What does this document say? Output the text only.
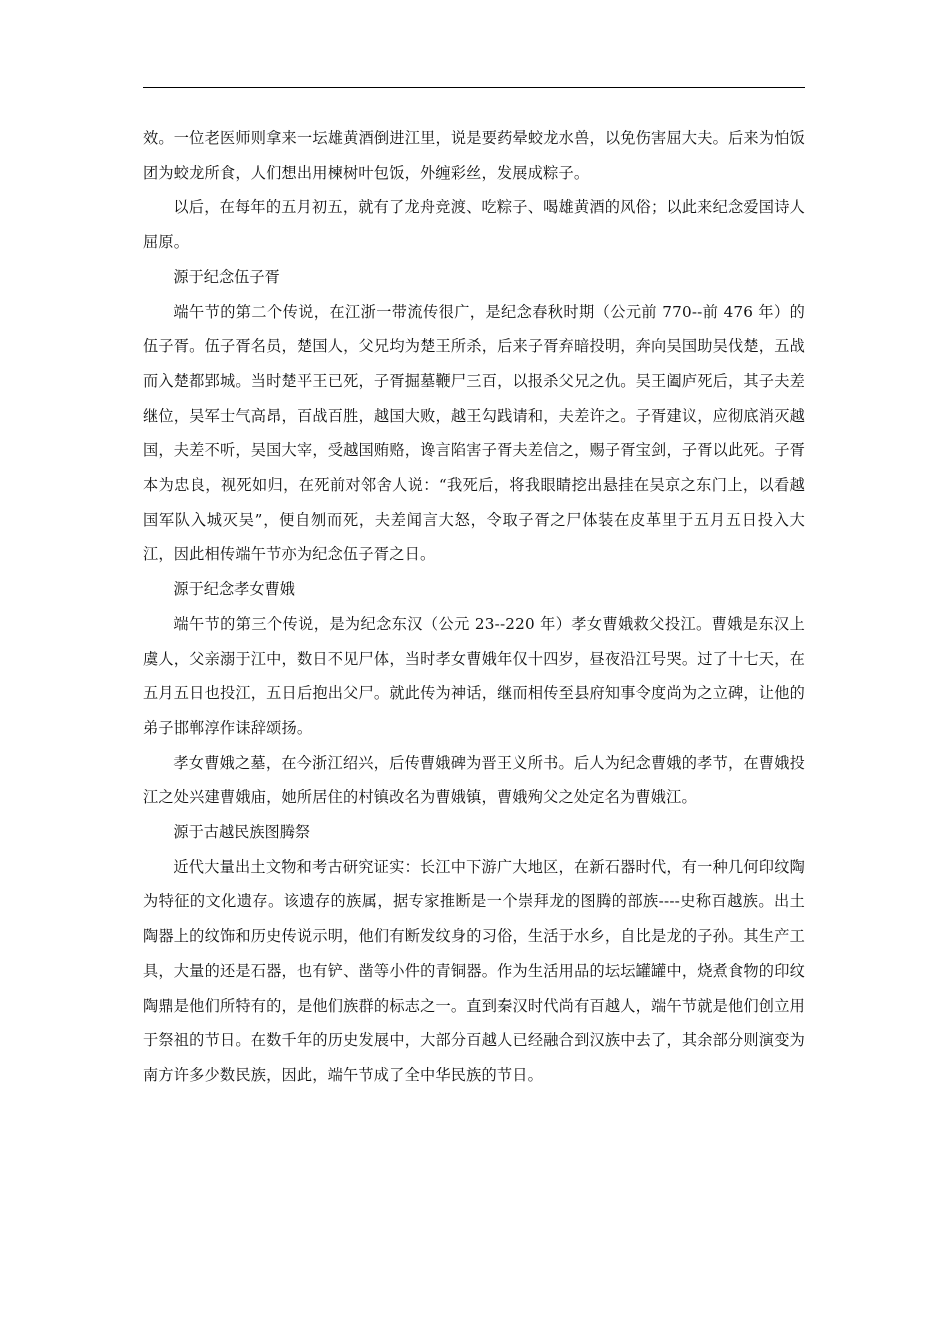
效。一位老医师则拿来一坛雄黄酒倒进江里，说是要药晕蛟龙水兽，以免伤害屈大夫。后来为怕饭团为蛟龙所食，人们想出用楝树叶包饭，外缠彩丝，发展成粽子。

以后，在每年的五月初五，就有了龙舟竞渡、吃粽子、喝雄黄酒的风俗；以此来纪念爱国诗人屈原。

源于纪念伍子胥

端午节的第二个传说，在江浙一带流传很广，是纪念春秋时期（公元前 770--前 476 年）的伍子胥。伍子胥名员，楚国人，父兄均为楚王所杀，后来子胥弃暗投明，奔向吴国助吴伐楚，五战而入楚都郢城。当时楚平王已死，子胥掘墓鞭尸三百，以报杀父兄之仇。吴王阖庐死后，其子夫差继位，吴军士气高昂，百战百胜，越国大败，越王勾践请和，夫差许之。子胥建议，应彻底消灭越国，夫差不听，吴国大宰，受越国贿赂，谗言陷害子胥夫差信之，赐子胥宝剑，子胥以此死。子胥本为忠良，视死如归，在死前对邻舍人说：“我死后，将我眼睛挖出悬挂在吴京之东门上，以看越国军队入城灭吴”，便自刎而死，夫差闻言大怒，令取子胥之尸体装在皮革里于五月五日投入大江，因此相传端午节亦为纪念伍子胥之日。

源于纪念孝女曹娥

端午节的第三个传说，是为纪念东汉（公元 23--220 年）孝女曹娥救父投江。曹娥是东汉上虞人，父亲溺于江中，数日不见尸体，当时孝女曹娥年仅十四岁，昼夜沿江号哭。过了十七天，在五月五日也投江，五日后抱出父尸。就此传为神话，继而相传至县府知事令度尚为之立碑，让他的弟子邯郸淳作诔辞颂扬。

孝女曹娥之墓，在今浙江绍兴，后传曹娥碑为晋王义所书。后人为纪念曹娥的孝节，在曹娥投江之处兴建曹娥庙，她所居住的村镇改名为曹娥镇，曹娥殉父之处定名为曹娥江。

源于古越民族图腾祭

近代大量出土文物和考古研究证实：长江中下游广大地区，在新石器时代，有一种几何印纹陶为特征的文化遗存。该遗存的族属，据专家推断是一个崇拜龙的图腾的部族----史称百越族。出土陶器上的纹饰和历史传说示明，他们有断发纹身的习俗，生活于水乡，自比是龙的子孙。其生产工具，大量的还是石器，也有铲、凿等小件的青铜器。作为生活用品的坛坛罐罐中，烧煮食物的印纹陶鼎是他们所特有的，是他们族群的标志之一。直到秦汉时代尚有百越人，端午节就是他们创立用于祭祖的节日。在数千年的历史发展中，大部分百越人已经融合到汉族中去了，其余部分则演变为南方许多少数民族，因此，端午节成了全中华民族的节日。
